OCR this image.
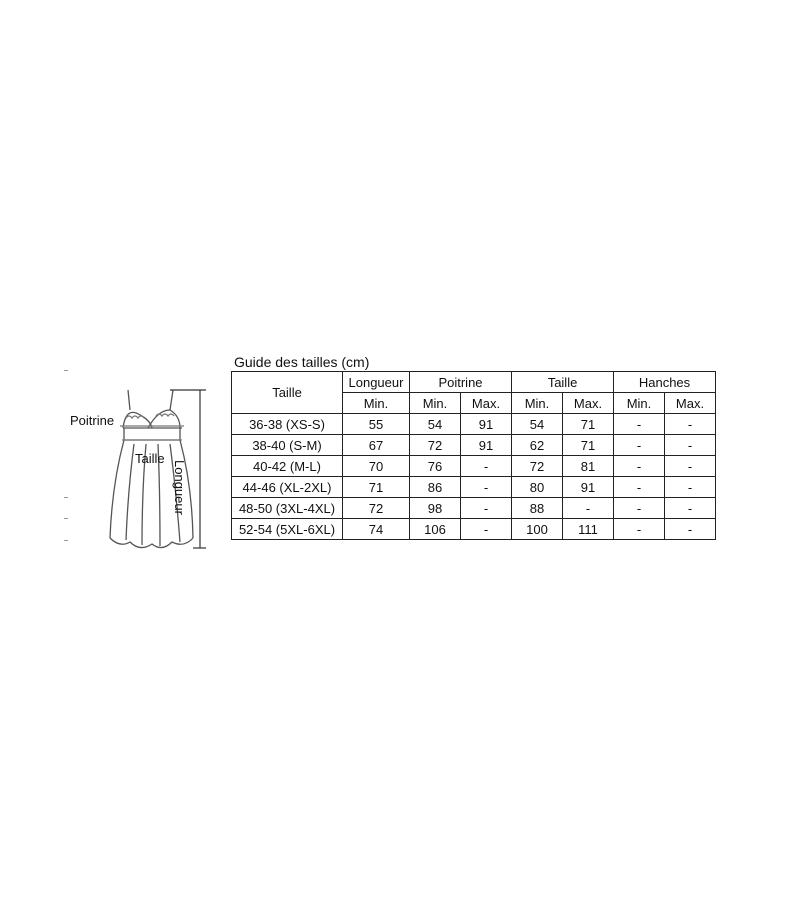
Poitrine
Taille
Longueur
Guide des tailles (cm)
Taille	Longueur	Poitrine		Taille		Hanches	
	Min.	Min.	Max.	Min.	Max.	Min.	Max.
36-38 (XS-S)	55	54	91	54	71	-	-
38-40 (S-M)	67	72	91	62	71	-	-
40-42 (M-L)	70	76	-	72	81	-	-
44-46 (XL-2XL)	71	86	-	80	91	-	-
48-50 (3XL-4XL)	72	98	-	88	-	-	-
52-54 (5XL-6XL)	74	106	-	100	111	-	-
